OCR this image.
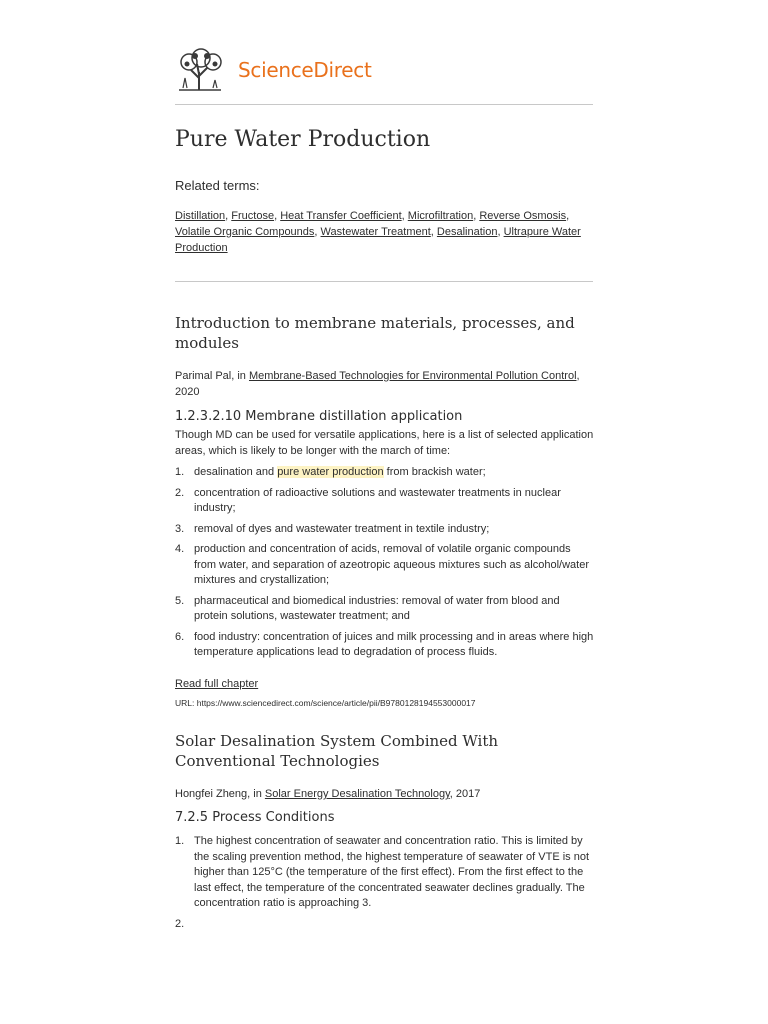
ScienceDirect
Pure Water Production
Related terms:
Distillation, Fructose, Heat Transfer Coefficient, Microfiltration, Reverse Osmosis,
Volatile Organic Compounds, Wastewater Treatment, Desalination, Ultrapure Water Production
Introduction to membrane materials, processes, and modules
Parimal Pal, in Membrane-Based Technologies for Environmental Pollution Control, 2020
1.2.3.2.10 Membrane distillation application
Though MD can be used for versatile applications, here is a list of selected application areas, which is likely to be longer with the march of time:
1. desalination and pure water production from brackish water;
2. concentration of radioactive solutions and wastewater treatments in nuclear industry;
3. removal of dyes and wastewater treatment in textile industry;
4. production and concentration of acids, removal of volatile organic compounds from water, and separation of azeotropic aqueous mixtures such as alcohol/water mixtures and crystallization;
5. pharmaceutical and biomedical industries: removal of water from blood and protein solutions, wastewater treatment; and
6. food industry: concentration of juices and milk processing and in areas where high temperature applications lead to degradation of process fluids.
Read full chapter
URL: https://www.sciencedirect.com/science/article/pii/B9780128194553000017
Solar Desalination System Combined With Conventional Technologies
Hongfei Zheng, in Solar Energy Desalination Technology, 2017
7.2.5 Process Conditions
1. The highest concentration of seawater and concentration ratio. This is limited by the scaling prevention method, the highest temperature of seawater of VTE is not higher than 125°C (the temperature of the first effect). From the first effect to the last effect, the temperature of the concentrated seawater declines gradually. The concentration ratio is approaching 3.
2.
